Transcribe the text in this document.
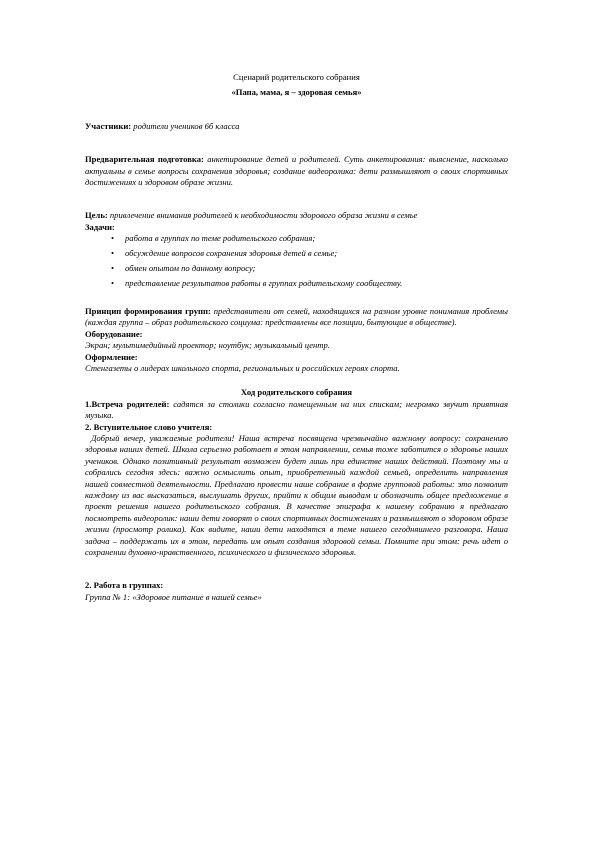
Сценарий родительского собрания
«Папа, мама, я – здоровая семья»

Участники: родители учеников 6б класса

Предварительная подготовка: анкетирование детей и родителей. Суть анкетирования: выяснение, насколько актуальны в семье вопросы сохранения здоровья; создание видеоролика: дети размышляют о своих спортивных достижениях и здоровом образе жизни.

Цель: привлечение внимания родителей к необходимости здорового образа жизни в семье

Задачи:

• работа в группах по теме родительского собрания;
• обсуждение вопросов сохранения здоровья детей в семье;
• обмен опытом по данному вопросу;
• представление результатов работы в группах родительскому сообществу.

Принцип формирования групп: представители от семей, находящихся на разном уровне понимания проблемы (каждая группа – образ родительского социума: представлены все позиции, бытующие в обществе).

Оборудование:

Экран; мультимедийный проектор; ноутбук; музыкальный центр.

Оформление:

Стенгазеты о лидерах школьного спорта, региональных и российских героях спорта.

Ход родительского собрания

1.Встреча родителей: садятся за столики согласно помещенным на них спискам; негромко звучит приятная музыка.

2. Вступительное слово учителя:

Добрый вечер, уважаемые родители! Наша встреча посвящена чрезвычайно важному вопросу: сохранению здоровья наших детей. Школа серьезно работает в этом направлении, семья тоже заботится о здоровье наших учеников. Однако позитивный результат возможен будет лишь при единстве наших действий. Поэтому мы и собрались сегодня здесь: важно осмыслить опыт, приобретенный каждой семьей, определить направления нашей совместной деятельности. Предлагаю провести наше собрание в форме групповой работы: это позволит каждому из вас высказаться, выслушать других, прийти к общим выводам и обозначить общее предложение в проект решения нашего родительского собрания. В качестве эпиграфа к нашему собранию я предлагаю посмотреть видеоролик: наши дети говорят о своих спортивных достижениях и размышляют о здоровом образе жизни (просмотр ролика). Как видите, наши дети находятся в теме нашего сегодняшнего разговора. Наша задача – поддержать их в этом, передать им опыт создания здоровой семьи. Помните при этом: речь идет о сохранении духовно-нравственного, психического и физического здоровья.

2. Работа в группах:

Группа № 1: «Здоровое питание в нашей семье»
